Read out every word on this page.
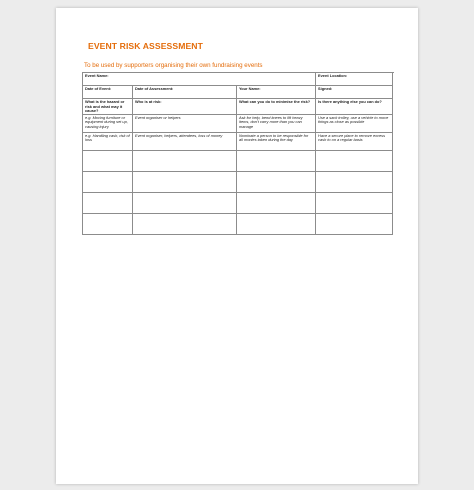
EVENT RISK ASSESSMENT
To be used by supporters organising their own fundraising events
Event Name:			Event Location:
Date of Event:	Date of Assessment:	Your Name:	Signed:
What is the hazard or risk and what may it cause?	Who is at risk:	What can you do to minimise the risk?	Is there anything else you can do?
e.g. Moving furniture or equipment during set up, causing injury	Event organiser or helpers	Ask for help, bend knees to lift heavy items, don't carry more than you can manage	Use a sack trolley, use a vehicle to move things as close as possible
e.g. Handling cash, risk of loss	Event organiser, helpers, attendees, loss of money	Nominate a person to be responsible for all monies taken during the day	Have a secure place to remove excess cash to on a regular basis
